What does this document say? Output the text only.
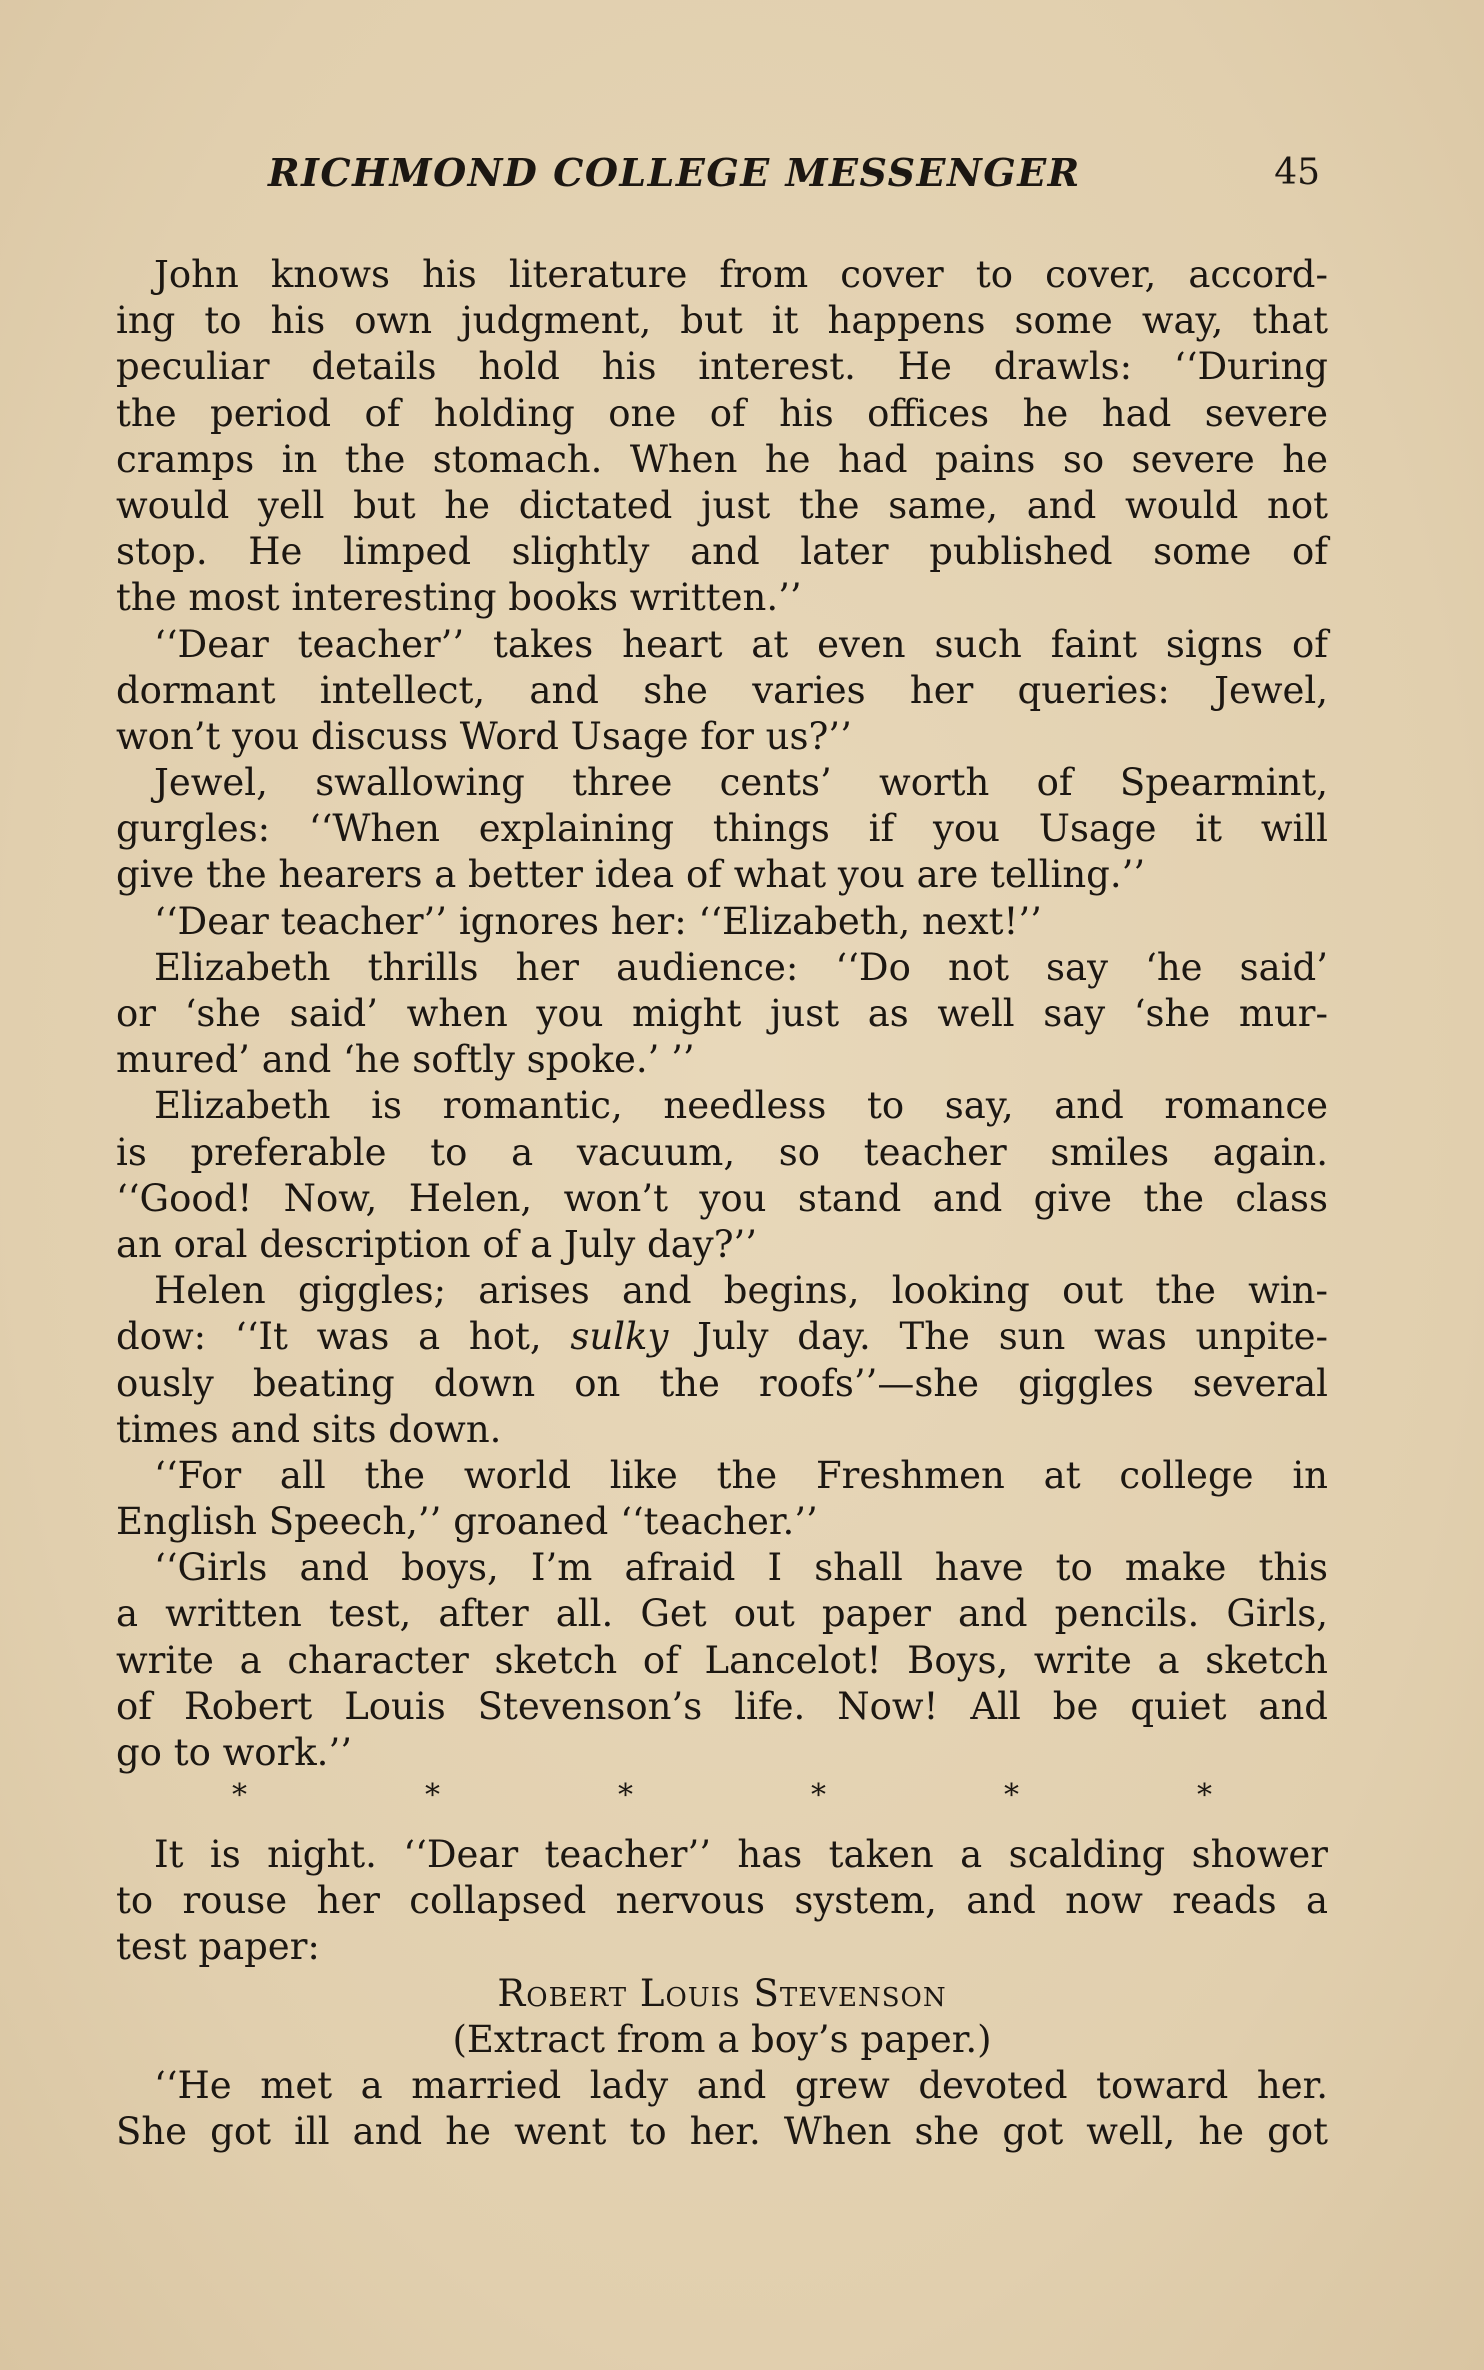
RICHMOND COLLEGE MESSENGER	45
John knows his literature from cover to cover, accord-
ing to his own judgment, but it happens some way, that
peculiar details hold his interest. He drawls: ‘‘During
the period of holding one of his offices he had severe
cramps in the stomach. When he had pains so severe he
would yell but he dictated just the same, and would not
stop. He limped slightly and later published some of
the most interesting books written.’’
‘‘Dear teacher’’ takes heart at even such faint signs of
dormant intellect, and she varies her queries: Jewel,
won’t you discuss Word Usage for us?’’
Jewel, swallowing three cents’ worth of Spearmint,
gurgles: ‘‘When explaining things if you Usage it will
give the hearers a better idea of what you are telling.’’
‘‘Dear teacher’’ ignores her: ‘‘Elizabeth, next!’’
Elizabeth thrills her audience: ‘‘Do not say ‘he said’
or ‘she said’ when you might just as well say ‘she mur-
mured’ and ‘he softly spoke.’ ’’
Elizabeth is romantic, needless to say, and romance
is preferable to a vacuum, so teacher smiles again.
‘‘Good! Now, Helen, won’t you stand and give the class
an oral description of a July day?’’
Helen giggles; arises and begins, looking out the win-
dow: ‘‘It was a hot, sulky July day. The sun was unpite-
ously beating down on the roofs’’—she giggles several
times and sits down.
‘‘For all the world like the Freshmen at college in
English Speech,’’ groaned ‘‘teacher.’’
‘‘Girls and boys, I’m afraid I shall have to make this
a written test, after all. Get out paper and pencils. Girls,
write a character sketch of Lancelot! Boys, write a sketch
of Robert Louis Stevenson’s life. Now! All be quiet and
go to work.’’
*	*	*	*	*	*
It is night. ‘‘Dear teacher’’ has taken a scalding shower
to rouse her collapsed nervous system, and now reads a
test paper:
Robert Louis Stevenson
(Extract from a boy’s paper.)
‘‘He met a married lady and grew devoted toward her.
She got ill and he went to her. When she got well, he got
